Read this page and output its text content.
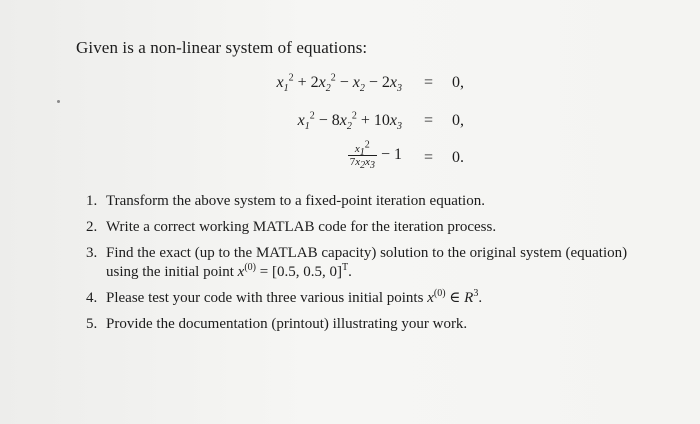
Given is a non-linear system of equations:
$x_1^2 + 2x_2^2 - x_2 - 2x_3 = 0$,
$x_1^2 - 8x_2^2 + 10x_3 = 0$,
$\frac{x_1^2}{7x_2x_3} - 1 = 0$.
1. Transform the above system to a fixed-point iteration equation.
2. Write a correct working MATLAB code for the iteration process.
3. Find the exact (up to the MATLAB capacity) solution to the original system (equation) using the initial point $x^{(0)} = [0.5$, 0.5, 0]$^T$.
4. Please test your code with three various initial points $x^{(0)}$ ∈ $R^3$.
5. Provide the documentation (printout) illustrating your work.
